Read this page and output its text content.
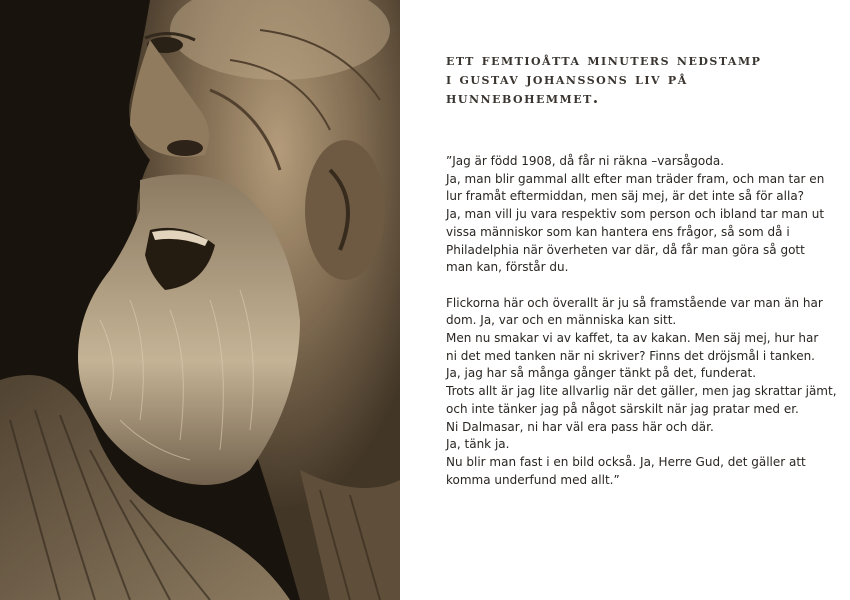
ett femtioåtta minuters nedstamp
i gustav johanssons liv på
hunnebohemmet.
”Jag är född 1908, då får ni räkna –varsågoda.
Ja, man blir gammal allt efter man träder fram, och man tar en
lur framåt eftermiddan, men säj mej, är det inte så för alla?
Ja, man vill ju vara respektiv som person och ibland tar man ut
vissa människor som kan hantera ens frågor, så som då i
Philadelphia när överheten var där, då får man göra så gott
man kan, förstår du.
Flickorna här och överallt är ju så framstående var man än har
dom. Ja, var och en människa kan sitt.
Men nu smakar vi av kaffet, ta av kakan. Men säj mej, hur har
ni det med tanken när ni skriver? Finns det dröjsmål i tanken.
Ja, jag har så många gånger tänkt på det, funderat.
Trots allt är jag lite allvarlig när det gäller, men jag skrattar jämt,
och inte tänker jag på något särskilt när jag pratar med er.
Ni Dalmasar, ni har väl era pass här och där.
Ja, tänk ja.
Nu blir man fast i en bild också. Ja, Herre Gud, det gäller att
komma underfund med allt.”
